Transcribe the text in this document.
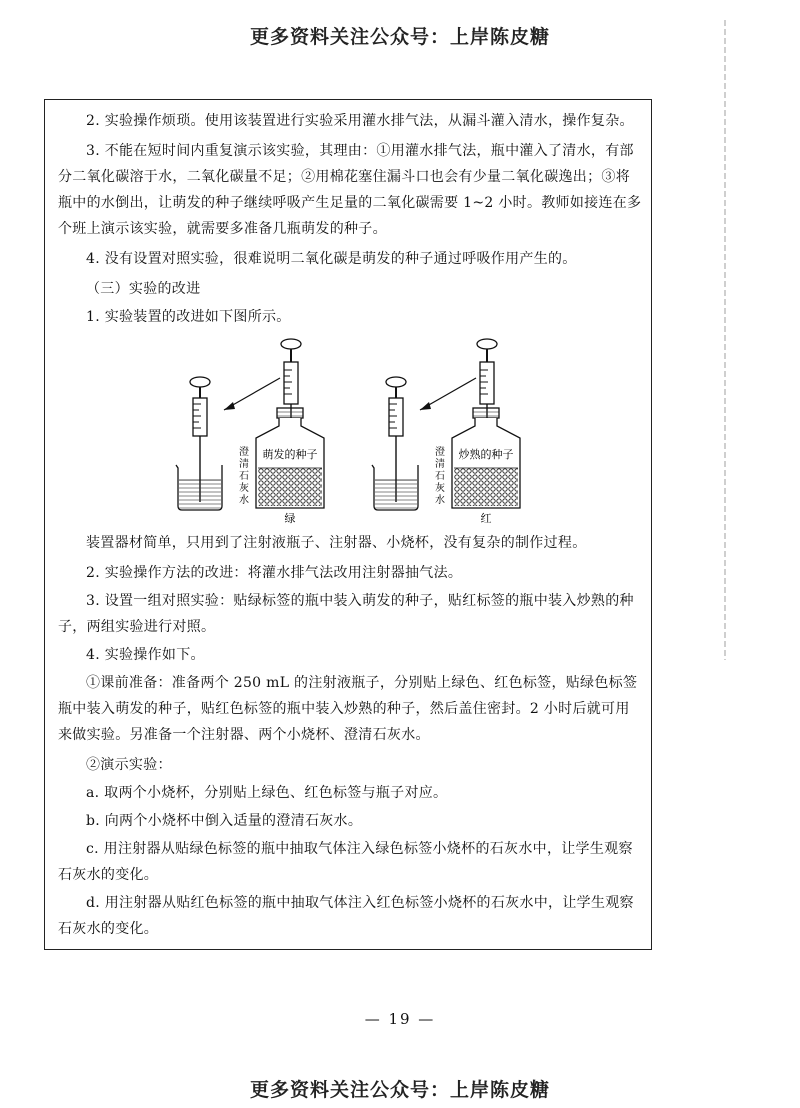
更多资料关注公众号：上岸陈皮糖

2. 实验操作烦琐。使用该装置进行实验采用灌水排气法，从漏斗灌入清水，操作复杂。

3. 不能在短时间内重复演示该实验，其理由：①用灌水排气法，瓶中灌入了清水，有部分二氧化碳溶于水，二氧化碳量不足；②用棉花塞住漏斗口也会有少量二氧化碳逸出；③将瓶中的水倒出，让萌发的种子继续呼吸产生足量的二氧化碳需要 1~2 小时。教师如接连在多个班上演示该实验，就需要多准备几瓶萌发的种子。

4. 没有设置对照实验，很难说明二氧化碳是萌发的种子通过呼吸作用产生的。

（三）实验的改进

1. 实验装置的改进如下图所示。

澄清石灰水
萌发的种子
绿
澄清石灰水
炒熟的种子
红

装置器材简单，只用到了注射液瓶子、注射器、小烧杯，没有复杂的制作过程。

2. 实验操作方法的改进：将灌水排气法改用注射器抽气法。

3. 设置一组对照实验：贴绿标签的瓶中装入萌发的种子，贴红标签的瓶中装入炒熟的种子，两组实验进行对照。

4. 实验操作如下。

①课前准备：准备两个 250 mL 的注射液瓶子，分别贴上绿色、红色标签，贴绿色标签瓶中装入萌发的种子，贴红色标签的瓶中装入炒熟的种子，然后盖住密封。2 小时后就可用来做实验。另准备一个注射器、两个小烧杯、澄清石灰水。

②演示实验：

a. 取两个小烧杯，分别贴上绿色、红色标签与瓶子对应。

b. 向两个小烧杯中倒入适量的澄清石灰水。

c. 用注射器从贴绿色标签的瓶中抽取气体注入绿色标签小烧杯的石灰水中，让学生观察石灰水的变化。

d. 用注射器从贴红色标签的瓶中抽取气体注入红色标签小烧杯的石灰水中，让学生观察石灰水的变化。

— 19 —
更多资料关注公众号：上岸陈皮糖
